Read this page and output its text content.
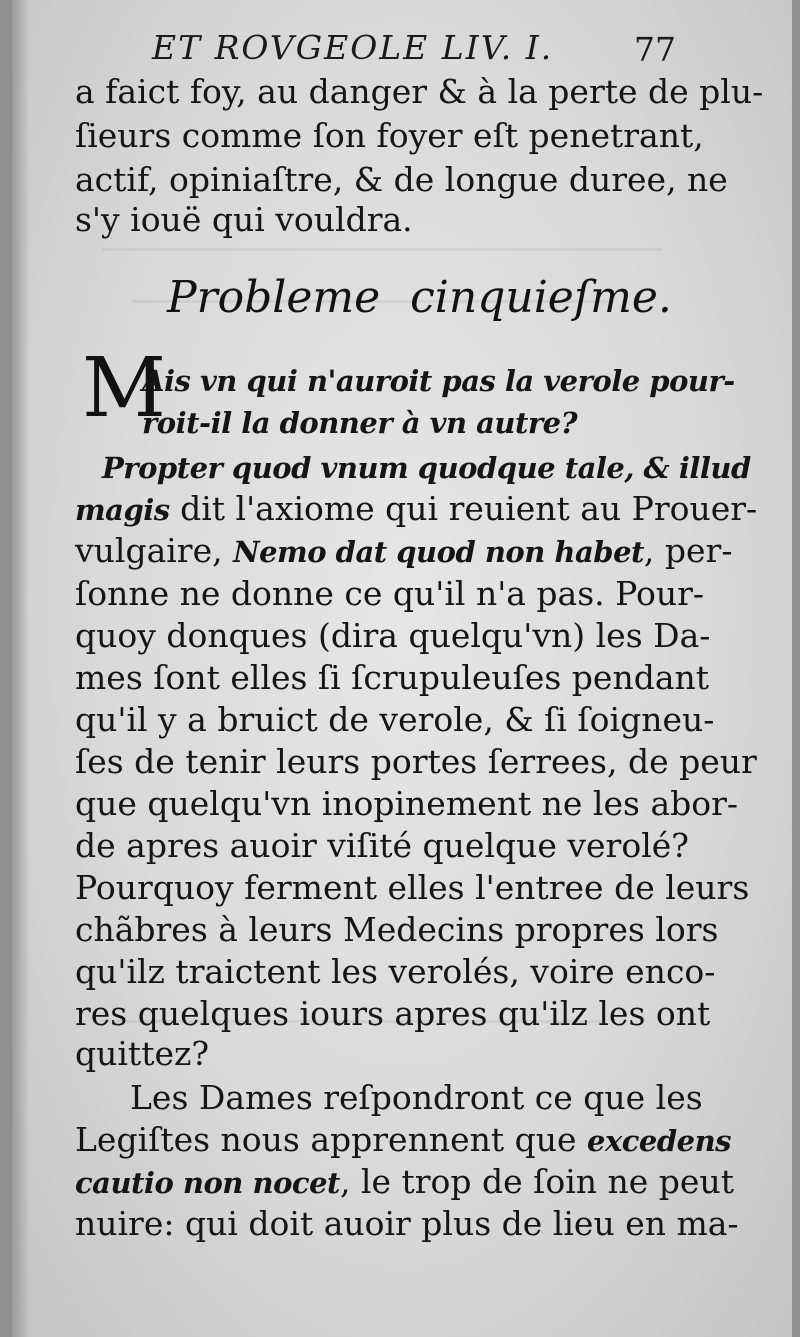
ET ROVGEOLE LIV. I.	77
a faict foy, au danger & à la perte de plu-
ſieurs comme ſon foyer eſt penetrant,
actif, opiniaſtre, & de longue duree, ne
s'y iouë qui vouldra.
Probleme cinquieſme.
M
Ais vn qui n'auroit pas la verole pour-
roit-il la donner à vn autre?
Propter quod vnum quodque tale, & illud
magis dit l'axiome qui reuient au Prouer-
vulgaire, Nemo dat quod non habet, per-
ſonne ne donne ce qu'il n'a pas. Pour-
quoy donques (dira quelqu'vn) les Da-
mes ſont elles ſi ſcrupuleuſes pendant
qu'il y a bruict de verole, & ſi ſoigneu-
ſes de tenir leurs portes ſerrees, de peur
que quelqu'vn inopinement ne les abor-
de apres auoir viſité quelque verolé?
Pourquoy ferment elles l'entree de leurs
chãbres à leurs Medecins propres lors
qu'ilz traictent les verolés, voire enco-
res quelques iours apres qu'ilz les ont
quittez?
Les Dames reſpondront ce que les
Legiſtes nous apprennent que excedens
cautio non nocet, le trop de ſoin ne peut
nuire: qui doit auoir plus de lieu en ma-
